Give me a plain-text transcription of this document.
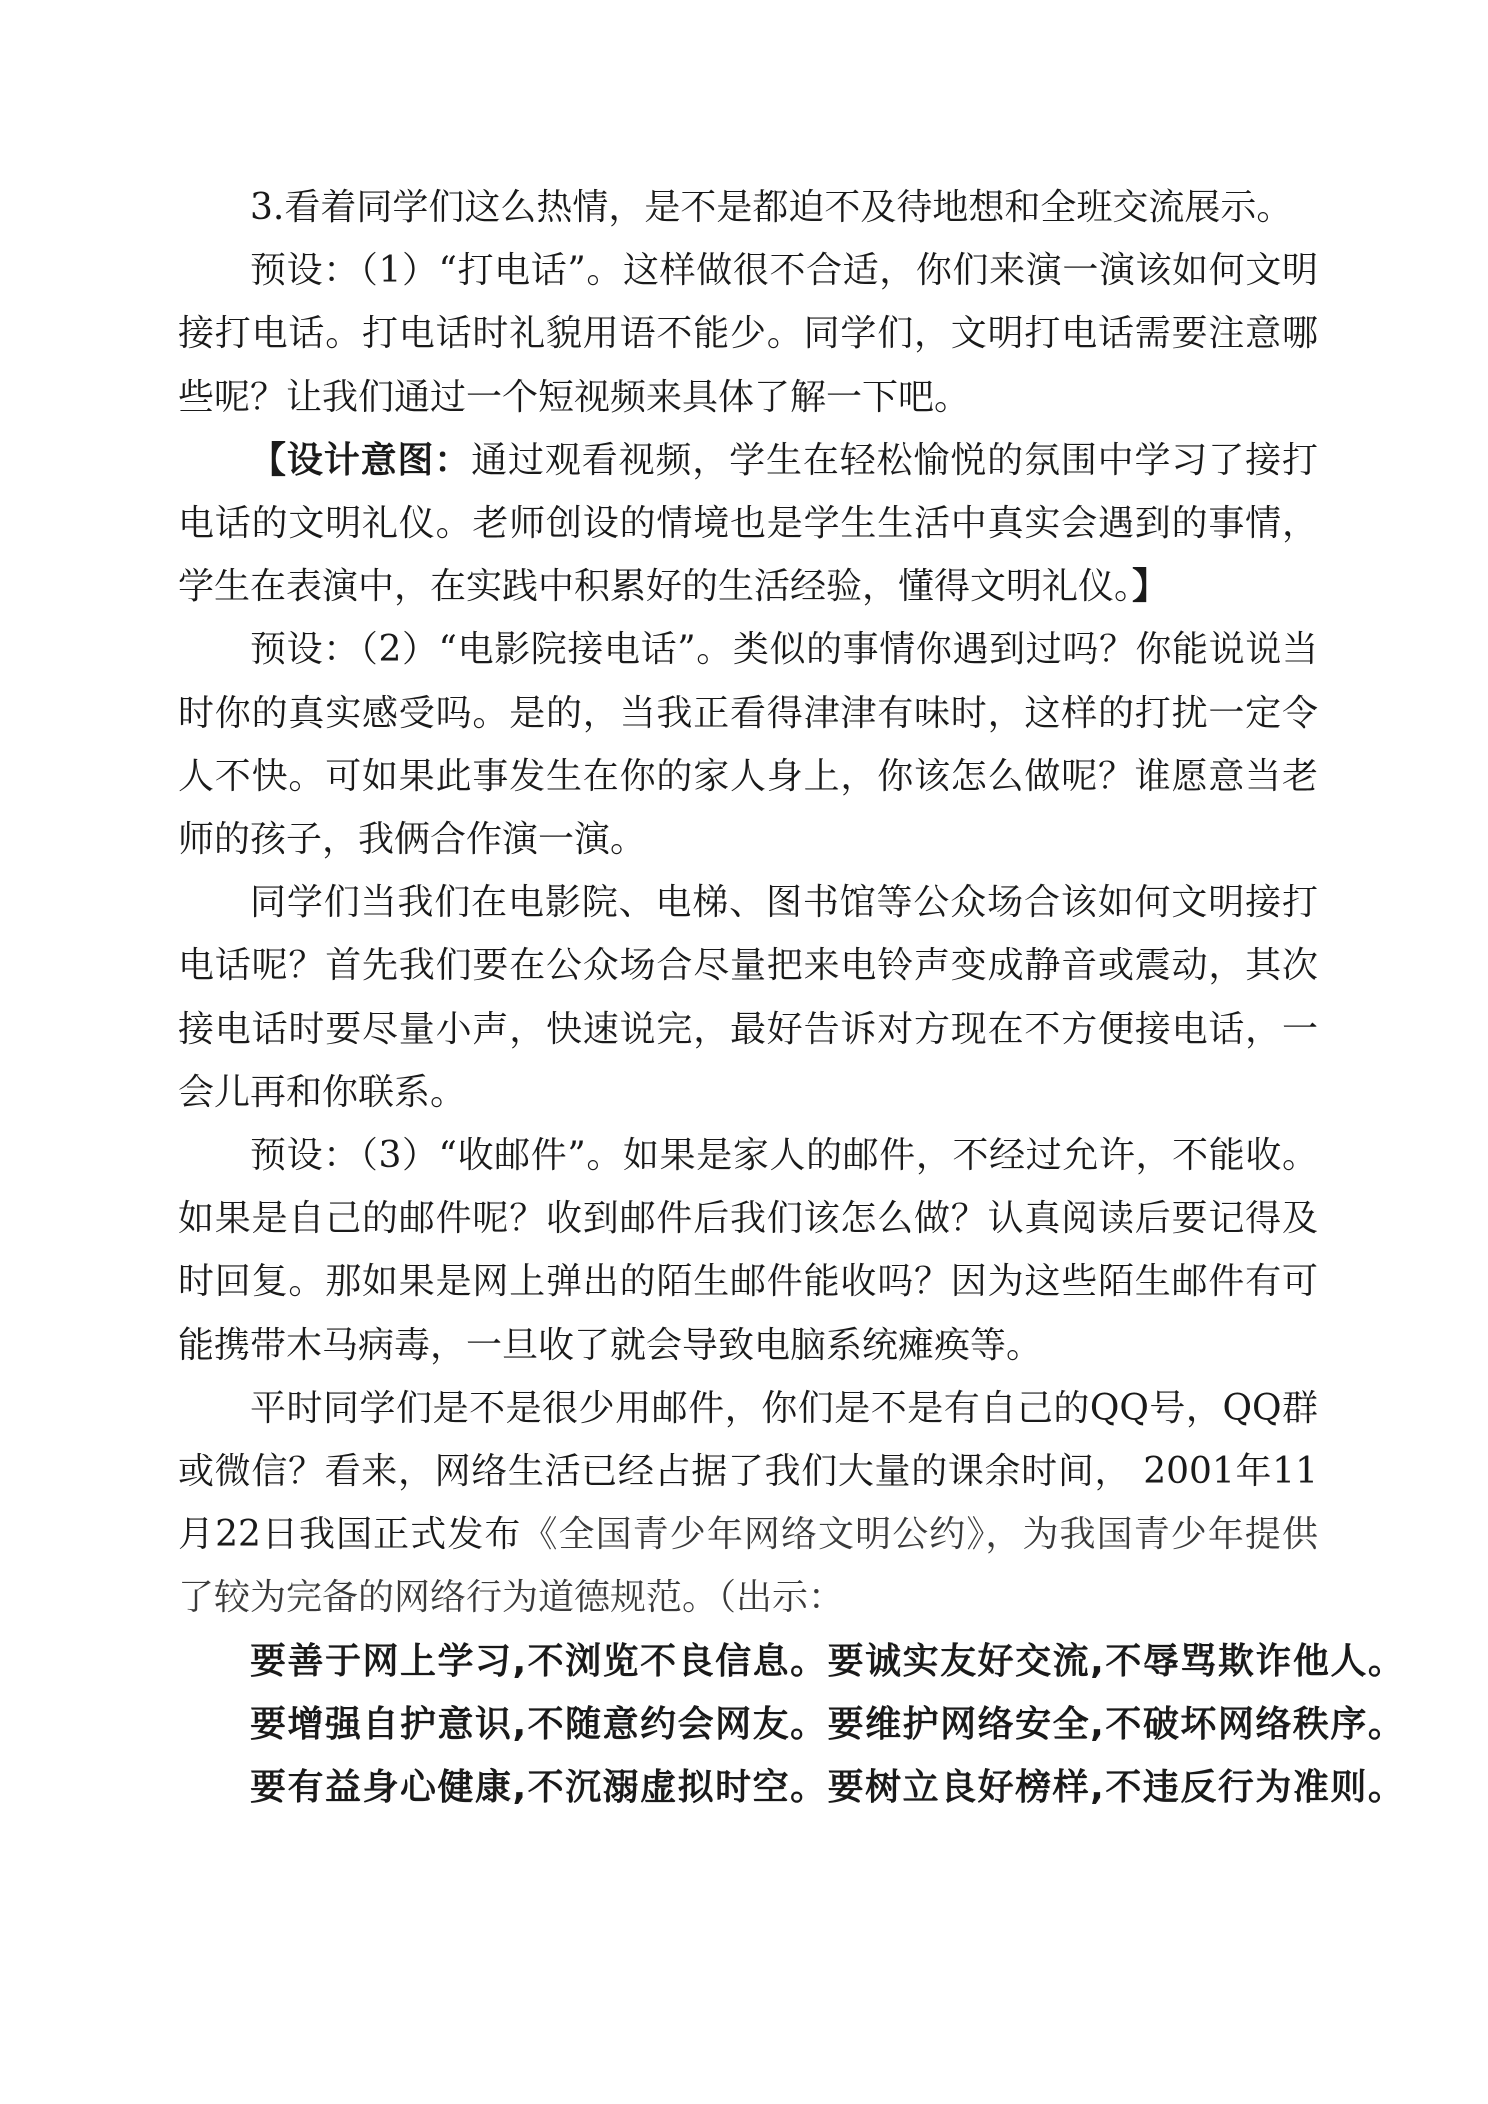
3.看着同学们这么热情，是不是都迫不及待地想和全班交流展示。

预设：（1）“打电话”。这样做很不合适，你们来演一演该如何文明接打电话。打电话时礼貌用语不能少。同学们，文明打电话需要注意哪些呢？让我们通过一个短视频来具体了解一下吧。

【设计意图：通过观看视频，学生在轻松愉悦的氛围中学习了接打电话的文明礼仪。老师创设的情境也是学生生活中真实会遇到的事情，学生在表演中，在实践中积累好的生活经验，懂得文明礼仪。】

预设：（2）“电影院接电话”。类似的事情你遇到过吗？你能说说当时你的真实感受吗。是的，当我正看得津津有味时，这样的打扰一定令人不快。可如果此事发生在你的家人身上，你该怎么做呢？谁愿意当老师的孩子，我俩合作演一演。

同学们当我们在电影院、电梯、图书馆等公众场合该如何文明接打电话呢？首先我们要在公众场合尽量把来电铃声变成静音或震动，其次接电话时要尽量小声，快速说完，最好告诉对方现在不方便接电话，一会儿再和你联系。

预设：（3）“收邮件”。如果是家人的邮件，不经过允许，不能收。如果是自己的邮件呢？收到邮件后我们该怎么做？认真阅读后要记得及时回复。那如果是网上弹出的陌生邮件能收吗？因为这些陌生邮件有可能携带木马病毒，一旦收了就会导致电脑系统瘫痪等。

平时同学们是不是很少用邮件，你们是不是有自己的QQ号，QQ群或微信？看来，网络生活已经占据了我们大量的课余时间， 2001年11月22日我国正式发布《全国青少年网络文明公约》，为我国青少年提供了较为完备的网络行为道德规范。（出示：

要善于网上学习,不浏览不良信息。要诚实友好交流,不辱骂欺诈他人。

要增强自护意识,不随意约会网友。要维护网络安全,不破坏网络秩序。

要有益身心健康,不沉溺虚拟时空。要树立良好榜样,不违反行为准则。
